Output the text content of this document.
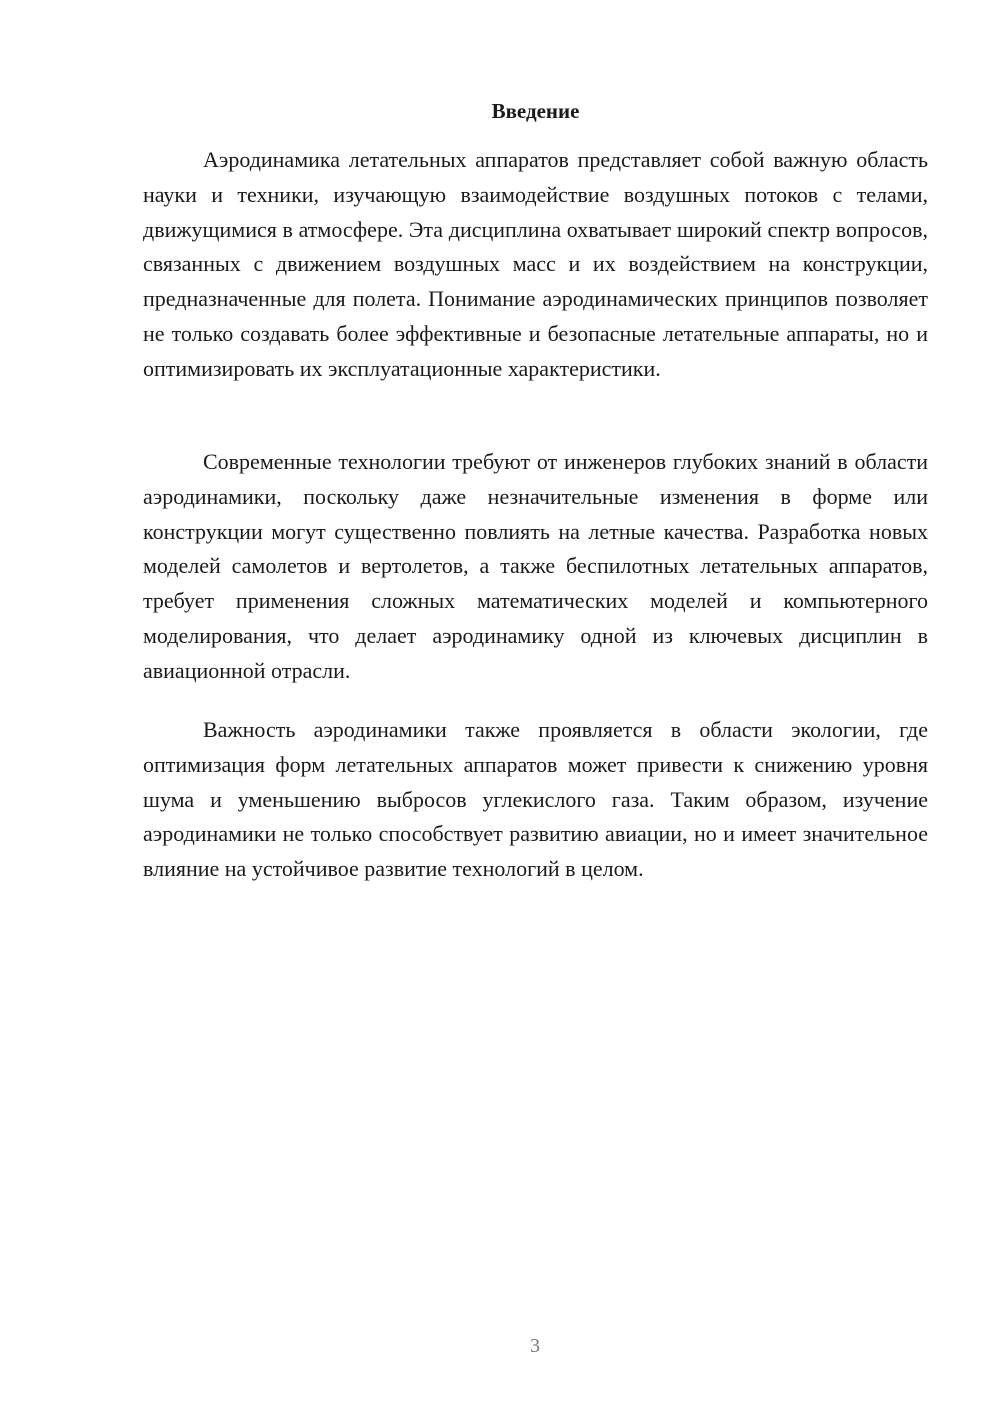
Введение

Аэродинамика летательных аппаратов представляет собой важную область науки и техники, изучающую взаимодействие воздушных потоков с телами, движущимися в атмосфере. Эта дисциплина охватывает широкий спектр вопросов, связанных с движением воздушных масс и их воздействием на конструкции, предназначенные для полета. Понимание аэродинамических принципов позволяет не только создавать более эффективные и безопасные летательные аппараты, но и оптимизировать их эксплуатационные характеристики.

Современные технологии требуют от инженеров глубоких знаний в области аэродинамики, поскольку даже незначительные изменения в форме или конструкции могут существенно повлиять на летные качества. Разработка новых моделей самолетов и вертолетов, а также беспилотных летательных аппаратов, требует применения сложных математических моделей и компьютерного моделирования, что делает аэродинамику одной из ключевых дисциплин в авиационной отрасли.

Важность аэродинамики также проявляется в области экологии, где оптимизация форм летательных аппаратов может привести к снижению уровня шума и уменьшению выбросов углекислого газа. Таким образом, изучение аэродинамики не только способствует развитию авиации, но и имеет значительное влияние на устойчивое развитие технологий в целом.

3
